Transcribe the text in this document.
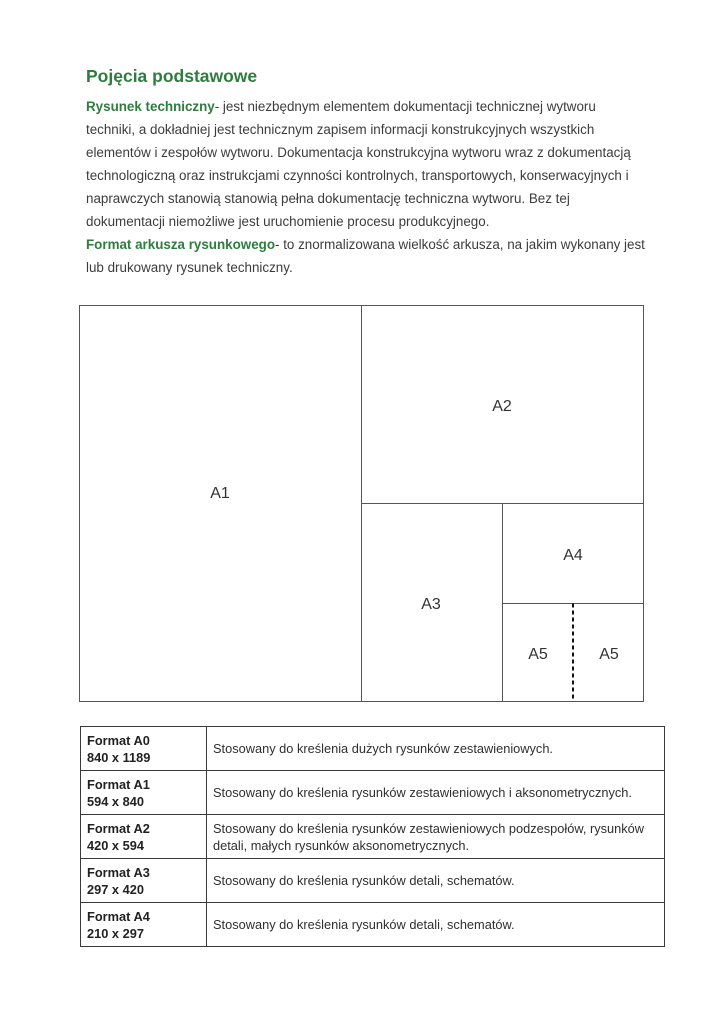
Pojęcia podstawowe
Rysunek techniczny- jest niezbędnym elementem dokumentacji technicznej wytworu techniki, a dokładniej jest technicznym zapisem informacji konstrukcyjnych wszystkich elementów i zespołów wytworu. Dokumentacja konstrukcyjna wytworu wraz z dokumentacją technologiczną oraz instrukcjami czynności kontrolnych, transportowych, konserwacyjnych i naprawczych stanowią stanowią pełna dokumentację techniczna wytworu. Bez tej dokumentacji niemożliwe jest uruchomienie procesu produkcyjnego.
Format arkusza rysunkowego- to znormalizowana wielkość arkusza, na jakim wykonany jest lub drukowany rysunek techniczny.
A1
A2
A3
A4
A5	A5
Format A0
840 x 1189	Stosowany do kreślenia dużych rysunków zestawieniowych.

Format A1
594 x 840	Stosowany do kreślenia rysunków zestawieniowych i aksonometrycznych.

Format A2
420 x 594	Stosowany do kreślenia rysunków zestawieniowych podzespołów, rysunków detali, małych rysunków aksonometrycznych.

Format A3
297 x 420	Stosowany do kreślenia rysunków detali, schematów.

Format A4
210 x 297	Stosowany do kreślenia rysunków detali, schematów.
